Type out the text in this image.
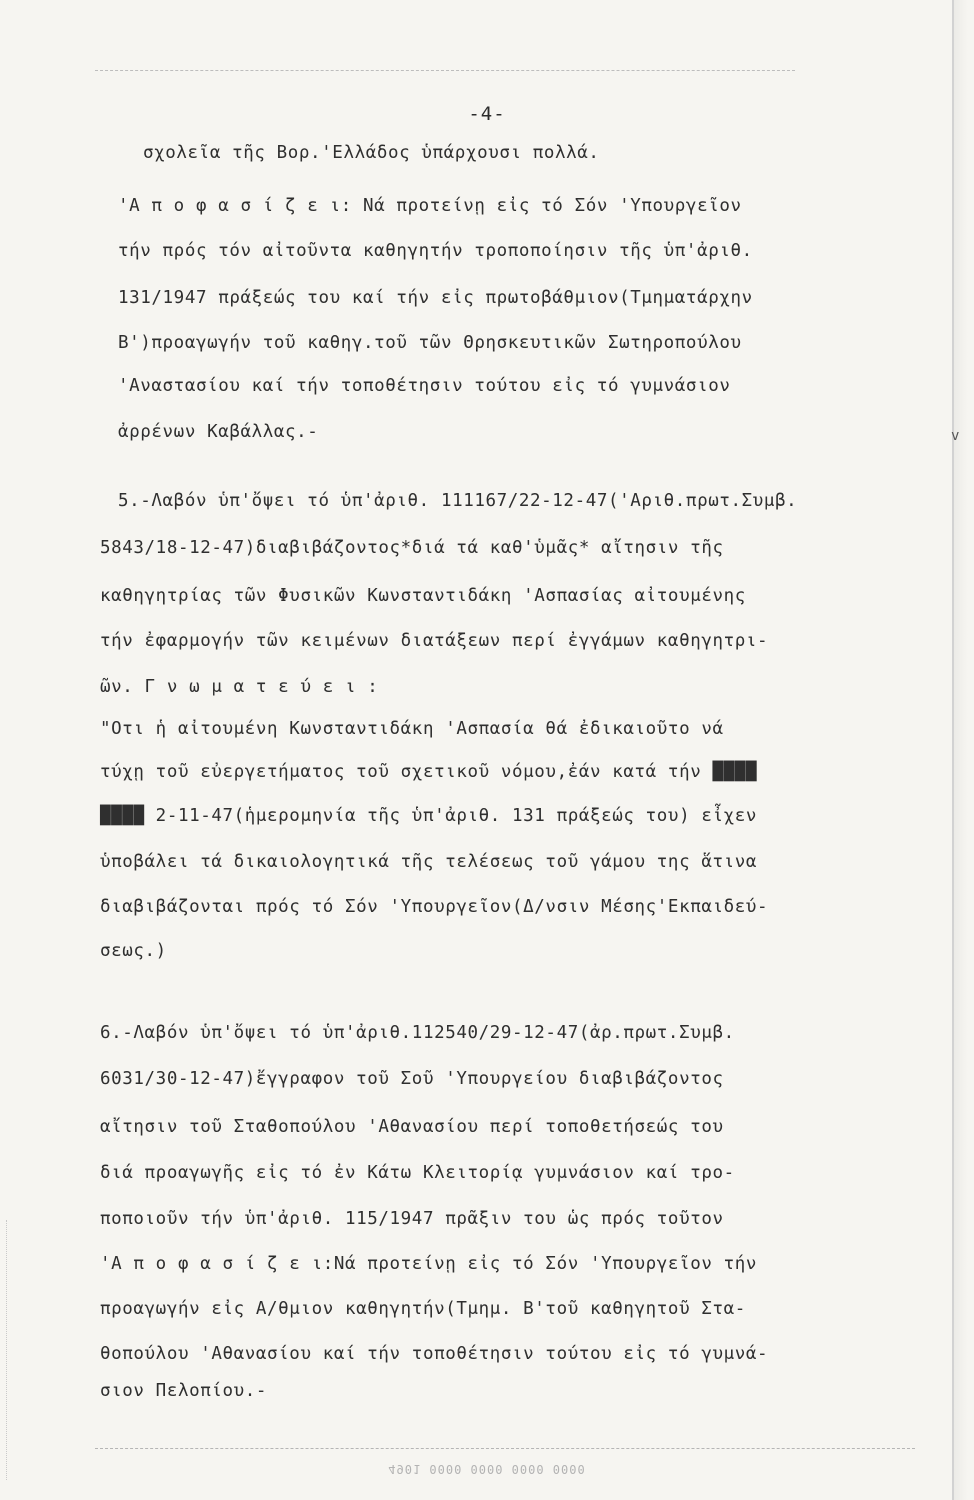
-4-
σχολεῖα τῆς Βορ.'Ελλάδος ὑπάρχουσι πολλά.
'Α π ο φ α σ ί ζ ε ι: Νά προτείνῃ εἰς τό Σόν 'Υπουργεῖον
τήν πρός τόν αἰτοῦντα καθηγητήν τροποποίησιν τῆς ὑπ'ἀριθ.
131/1947 πράξεώς του καί τήν εἰς πρωτοβάθμιον(Τμηματάρχην
Β')προαγωγήν τοῦ καθηγ.τοῦ τῶν Θρησκευτικῶν Σωτηροπούλου
'Αναστασίου καί τήν τοποθέτησιν τούτου εἰς τό γυμνάσιον
ἀρρένων Καβάλλας.-	v
5.-Λαβόν ὑπ'ὄψει τό ὑπ'ἀριθ. 111167/22-12-47('Αριθ.πρωτ.Συμβ.
5843/18-12-47)διαβιβάζοντος*διά τά καθ'ὑμᾶς* αἴτησιν τῆς
καθηγητρίας τῶν Φυσικῶν Κωνσταντιδάκη 'Ασπασίας αἰτουμένης
τήν ἐφαρμογήν τῶν κειμένων διατάξεων περί ἐγγάμων καθηγητρι-
ῶν. Γ ν ω μ α τ ε ύ ε ι :
"Οτι ἡ αἰτουμένη Κωνσταντιδάκη 'Ασπασία θά ἐδικαιοῦτο νά
τύχῃ τοῦ εὐεργετήματος τοῦ σχετικοῦ νόμου,ἐάν κατά τήν ████
████ 2-11-47(ἡμερομηνία τῆς ὑπ'ἀριθ. 131 πράξεώς του) εἶχεν
ὑποβάλει τά δικαιολογητικά τῆς τελέσεως τοῦ γάμου της ἅτινα
διαβιβάζονται πρός τό Σόν 'Υπουργεῖον(Δ/νσιν Μέσης'Εκπαιδεύ-
σεως.)
6.-Λαβόν ὑπ'ὄψει τό ὑπ'ἀριθ.112540/29-12-47(ἀρ.πρωτ.Συμβ.
6031/30-12-47)ἔγγραφον τοῦ Σοῦ 'Υπουργείου διαβιβάζοντος
αἴτησιν τοῦ Σταθοπούλου 'Αθανασίου περί τοποθετήσεώς του
διά προαγωγῆς εἰς τό ἐν Κάτω Κλειτορίᾳ γυμνάσιον καί τρο-
ποποιοῦν τήν ὑπ'ἀριθ. 115/1947 πρᾶξιν του ὡς πρός τοῦτον
'Α π ο φ α σ ί ζ ε ι:Νά προτείνῃ εἰς τό Σόν 'Υπουργεῖον τήν
προαγωγήν εἰς Α/θμιον καθηγητήν(Τμημ. Β'τοῦ καθηγητοῦ Στα-
θοπούλου 'Αθανασίου καί τήν τοποθέτησιν τούτου εἰς τό γυμνά-
σιον Πελοπίου.-
4901 0000 0000 0000 0000
